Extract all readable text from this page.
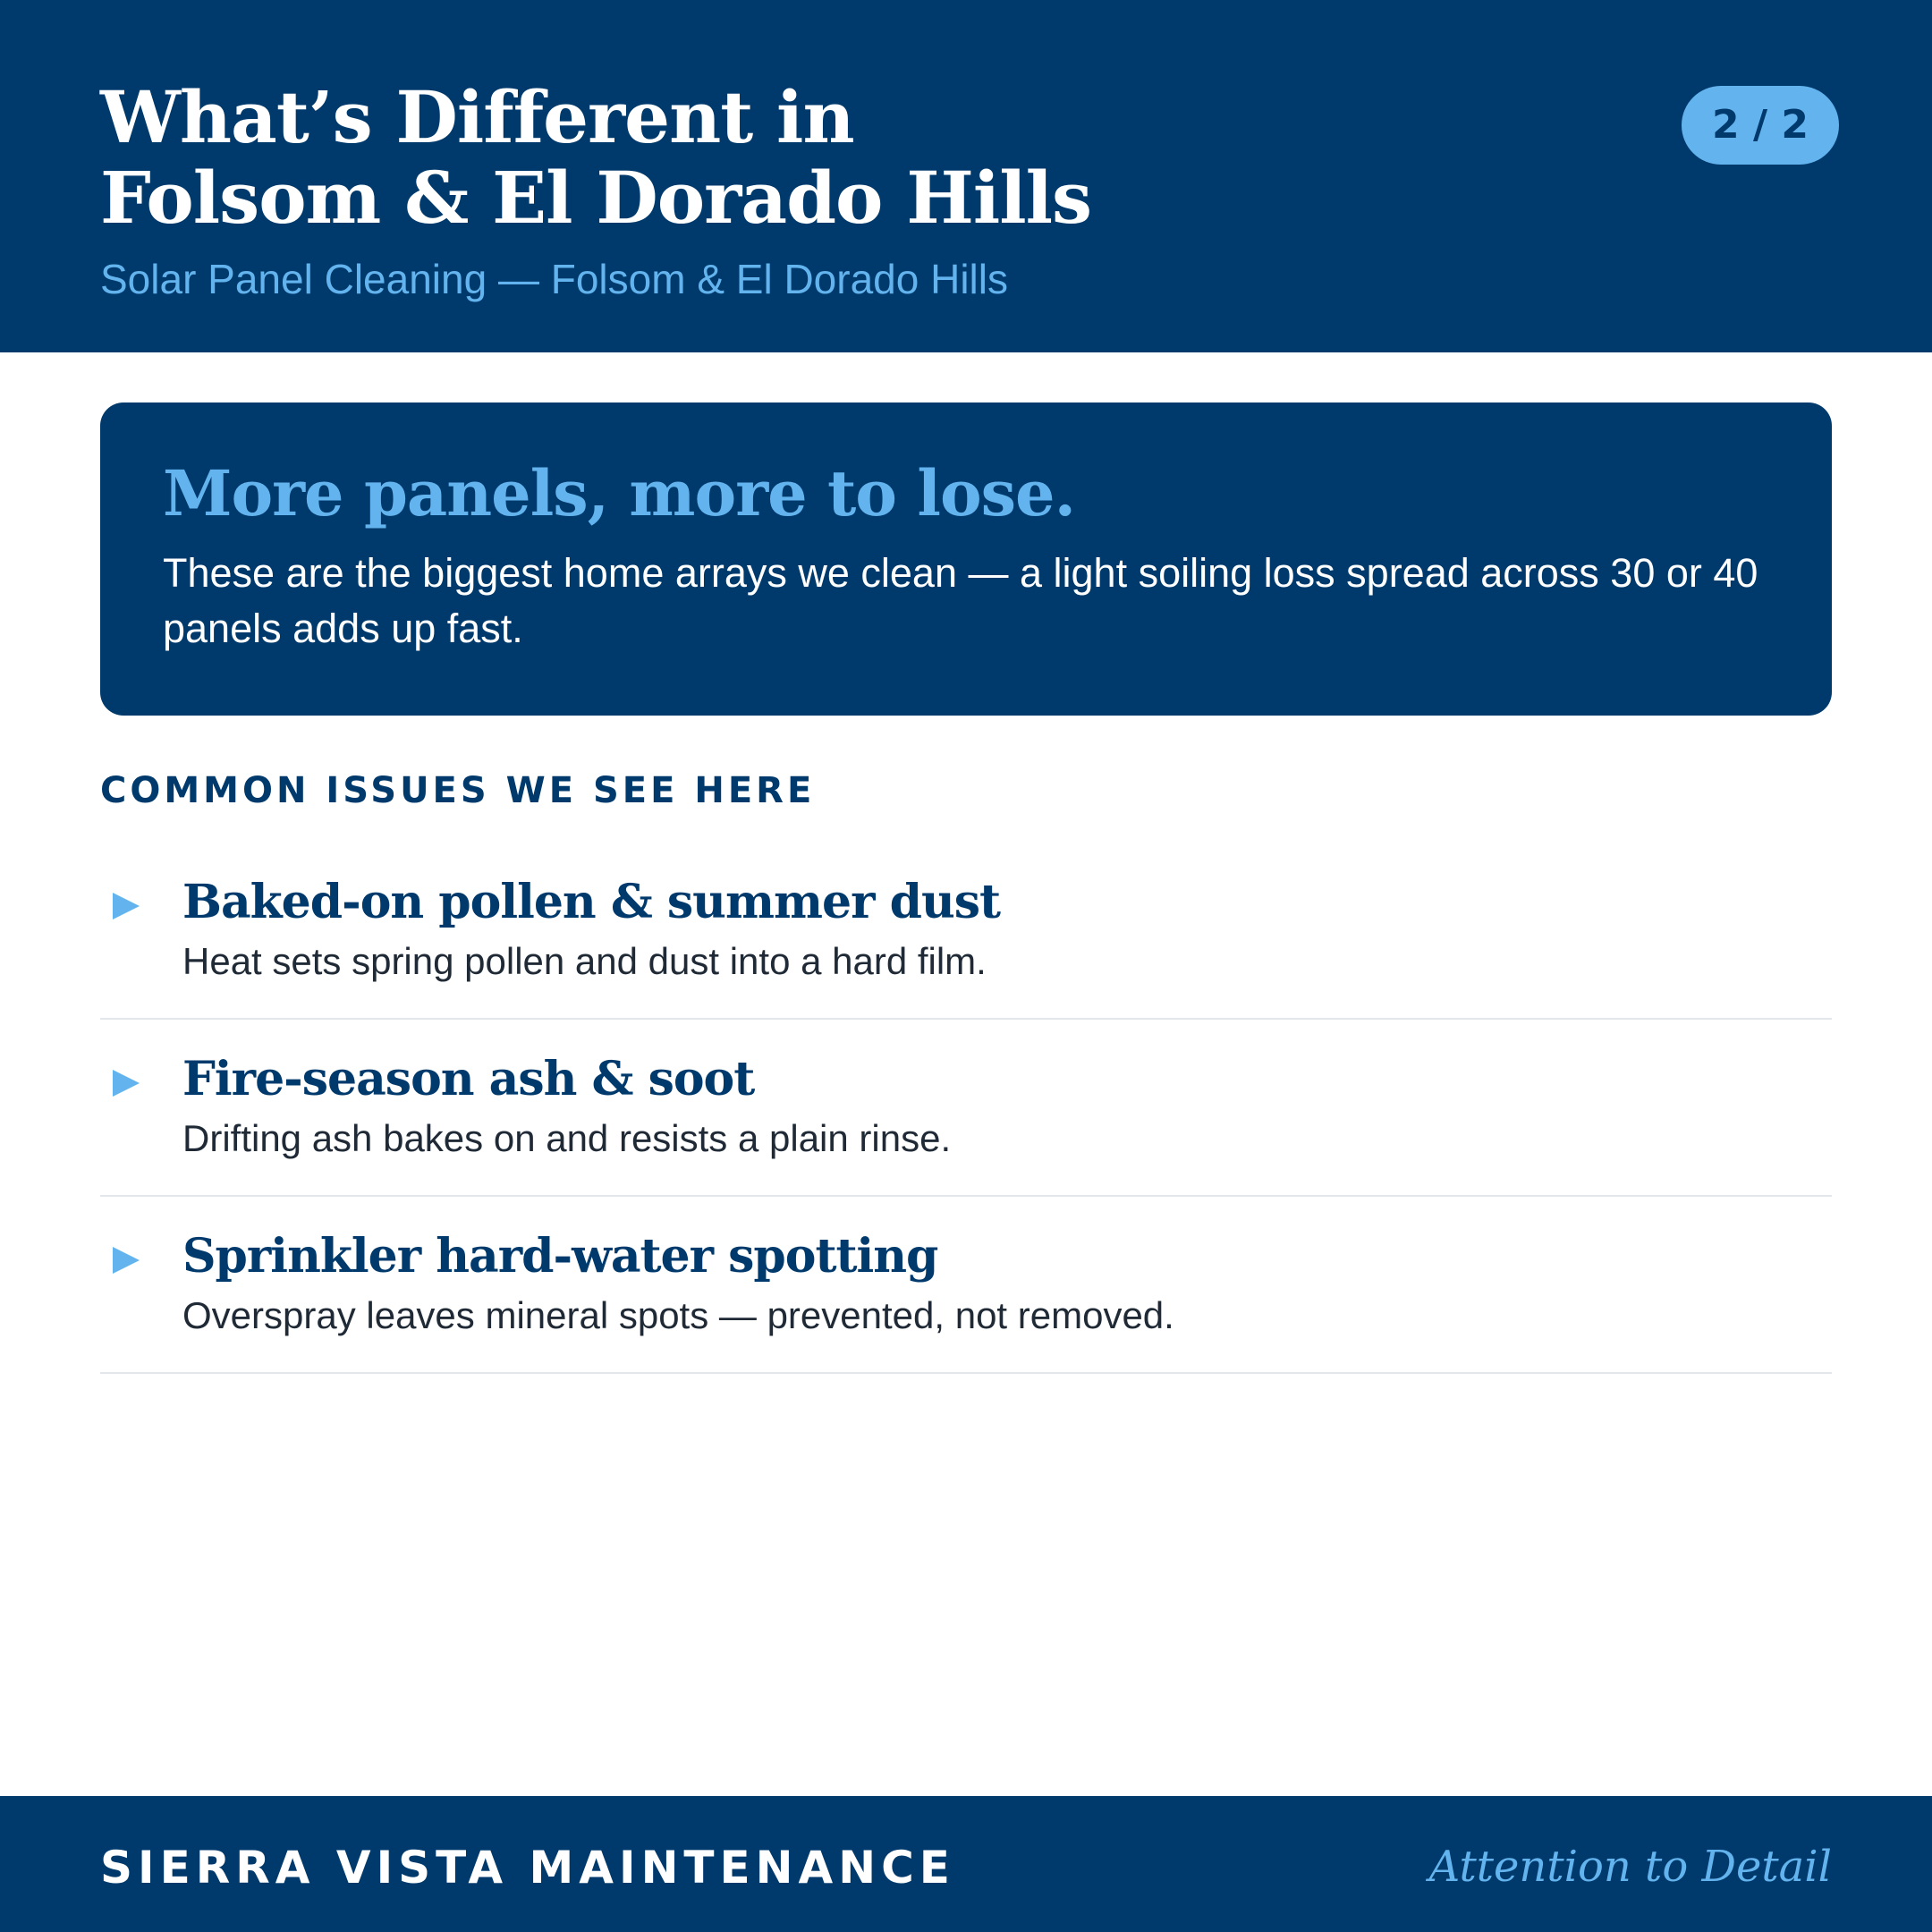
What’s Different in
Folsom & El Dorado Hills
Solar Panel Cleaning — Folsom & El Dorado Hills
2 / 2
More panels, more to lose.

These are the biggest home arrays we clean — a light soiling loss spread across 30 or 40 panels adds up fast.

COMMON ISSUES WE SEE HERE
Baked-on pollen & summer dust
Heat sets spring pollen and dust into a hard film.
Fire-season ash & soot
Drifting ash bakes on and resists a plain rinse.
Sprinkler hard-water spotting
Overspray leaves mineral spots — prevented, not removed.
SIERRA VISTA MAINTENANCE	Attention to Detail
